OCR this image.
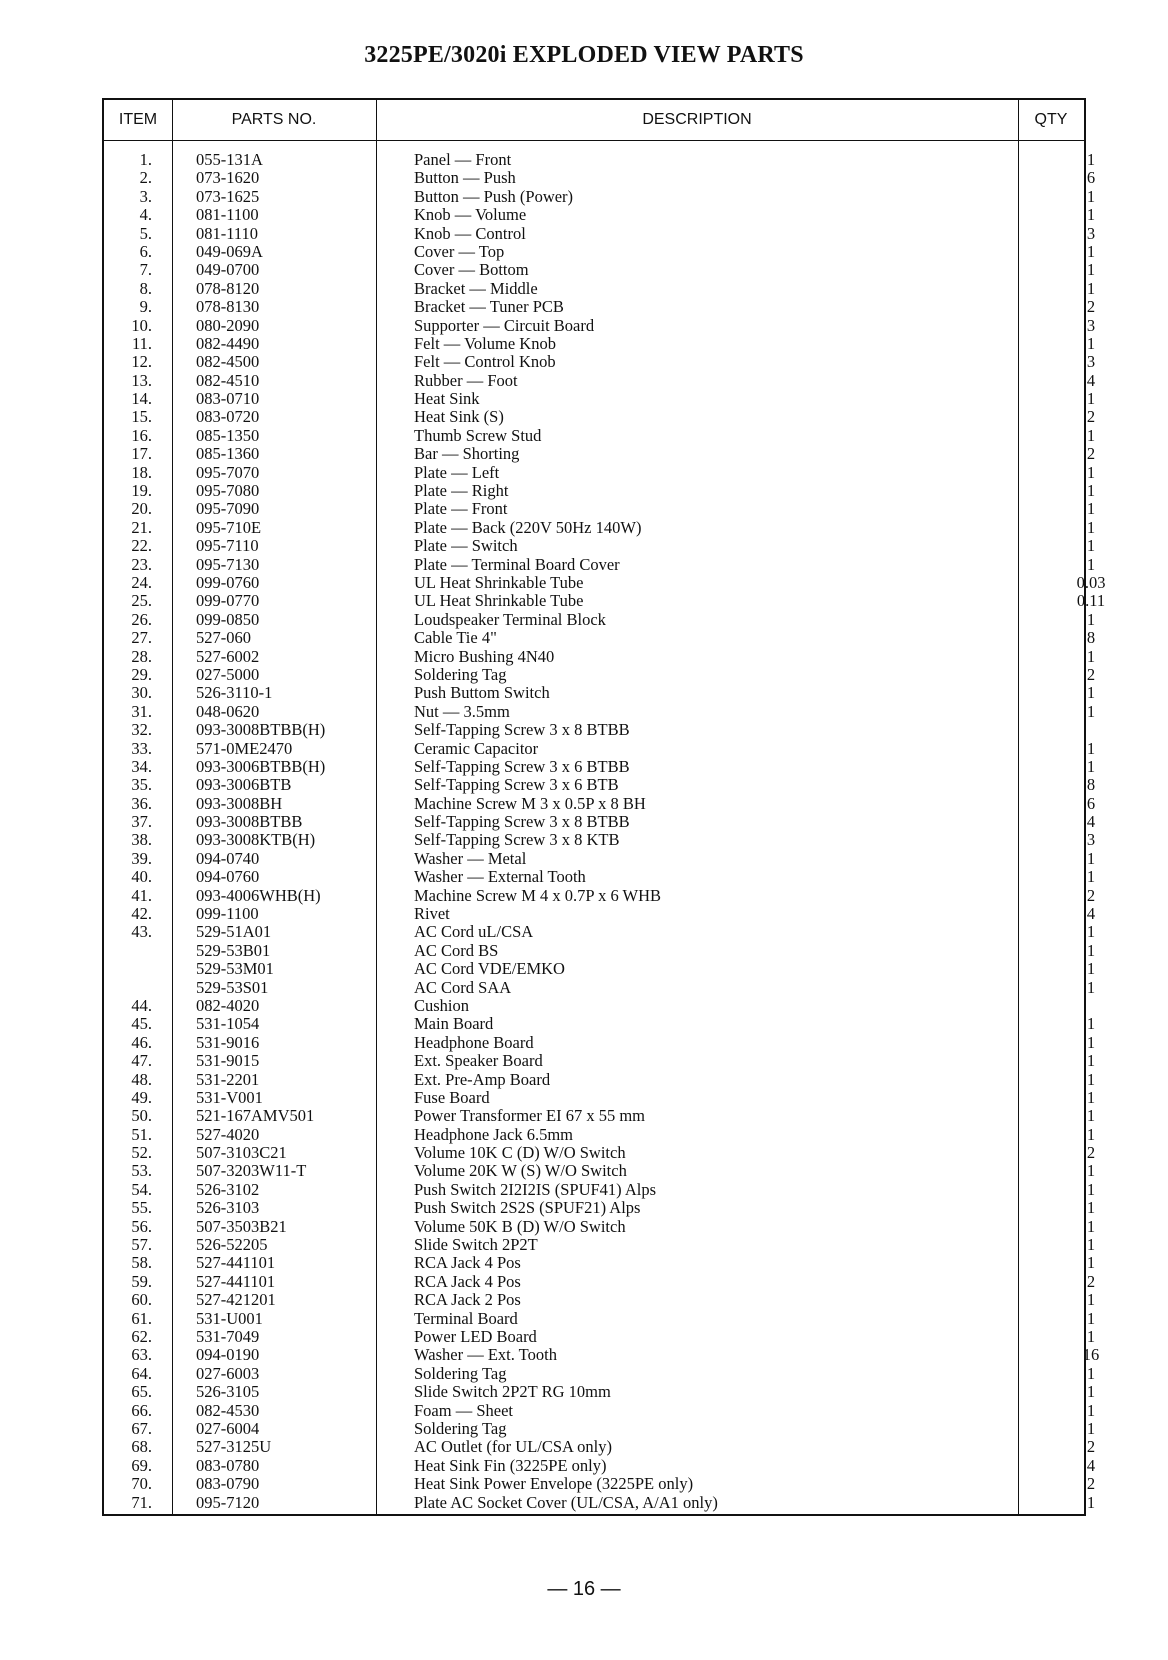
3225PE/3020i EXPLODED VIEW PARTS
ITEM	PARTS NO.	DESCRIPTION	QTY
1.	055-131A	Panel — Front	1
2.	073-1620	Button — Push	6
3.	073-1625	Button — Push (Power)	1
4.	081-1100	Knob — Volume	1
5.	081-1110	Knob — Control	3
6.	049-069A	Cover — Top	1
7.	049-0700	Cover — Bottom	1
8.	078-8120	Bracket — Middle	1
9.	078-8130	Bracket — Tuner PCB	2
10.	080-2090	Supporter — Circuit Board	3
11.	082-4490	Felt — Volume Knob	1
12.	082-4500	Felt — Control Knob	3
13.	082-4510	Rubber — Foot	4
14.	083-0710	Heat Sink	1
15.	083-0720	Heat Sink (S)	2
16.	085-1350	Thumb Screw Stud	1
17.	085-1360	Bar — Shorting	2
18.	095-7070	Plate — Left	1
19.	095-7080	Plate — Right	1
20.	095-7090	Plate — Front	1
21.	095-710E	Plate — Back (220V 50Hz 140W)	1
22.	095-7110	Plate — Switch	1
23.	095-7130	Plate — Terminal Board Cover	1
24.	099-0760	UL Heat Shrinkable Tube	0.03
25.	099-0770	UL Heat Shrinkable Tube	0.11
26.	099-0850	Loudspeaker Terminal Block	1
27.	527-060	Cable Tie 4"	8
28.	527-6002	Micro Bushing 4N40	1
29.	027-5000	Soldering Tag	2
30.	526-3110-1	Push Buttom Switch	1
31.	048-0620	Nut — 3.5mm	1
32.	093-3008BTBB(H)	Self-Tapping Screw 3 x 8 BTBB
33.	571-0ME2470	Ceramic Capacitor	1
34.	093-3006BTBB(H)	Self-Tapping Screw 3 x 6 BTBB	1
35.	093-3006BTB	Self-Tapping Screw 3 x 6 BTB	8
36.	093-3008BH	Machine Screw M 3 x 0.5P x 8 BH	6
37.	093-3008BTBB	Self-Tapping Screw 3 x 8 BTBB	4
38.	093-3008KTB(H)	Self-Tapping Screw 3 x 8 KTB	3
39.	094-0740	Washer — Metal	1
40.	094-0760	Washer — External Tooth	1
41.	093-4006WHB(H)	Machine Screw M 4 x 0.7P x 6 WHB	2
42.	099-1100	Rivet	4
43.	529-51A01	AC Cord uL/CSA	1
529-53B01	AC Cord BS	1
529-53M01	AC Cord VDE/EMKO	1
529-53S01	AC Cord SAA	1
44.	082-4020	Cushion
45.	531-1054	Main Board	1
46.	531-9016	Headphone Board	1
47.	531-9015	Ext. Speaker Board	1
48.	531-2201	Ext. Pre-Amp Board	1
49.	531-V001	Fuse Board	1
50.	521-167AMV501	Power Transformer EI 67 x 55 mm	1
51.	527-4020	Headphone Jack 6.5mm	1
52.	507-3103C21	Volume 10K C (D) W/O Switch	2
53.	507-3203W11-T	Volume 20K W (S) W/O Switch	1
54.	526-3102	Push Switch 2I2I2IS (SPUF41) Alps	1
55.	526-3103	Push Switch 2S2S (SPUF21) Alps	1
56.	507-3503B21	Volume 50K B (D) W/O Switch	1
57.	526-52205	Slide Switch 2P2T	1
58.	527-441101	RCA Jack 4 Pos	1
59.	527-441101	RCA Jack 4 Pos	2
60.	527-421201	RCA Jack 2 Pos	1
61.	531-U001	Terminal Board	1
62.	531-7049	Power LED Board	1
63.	094-0190	Washer — Ext. Tooth	16
64.	027-6003	Soldering Tag	1
65.	526-3105	Slide Switch 2P2T RG 10mm	1
66.	082-4530	Foam — Sheet	1
67.	027-6004	Soldering Tag	1
68.	527-3125U	AC Outlet (for UL/CSA only)	2
69.	083-0780	Heat Sink Fin (3225PE only)	4
70.	083-0790	Heat Sink Power Envelope (3225PE only)	2
71.	095-7120	Plate AC Socket Cover (UL/CSA, A/A1 only)	1
— 16 —
